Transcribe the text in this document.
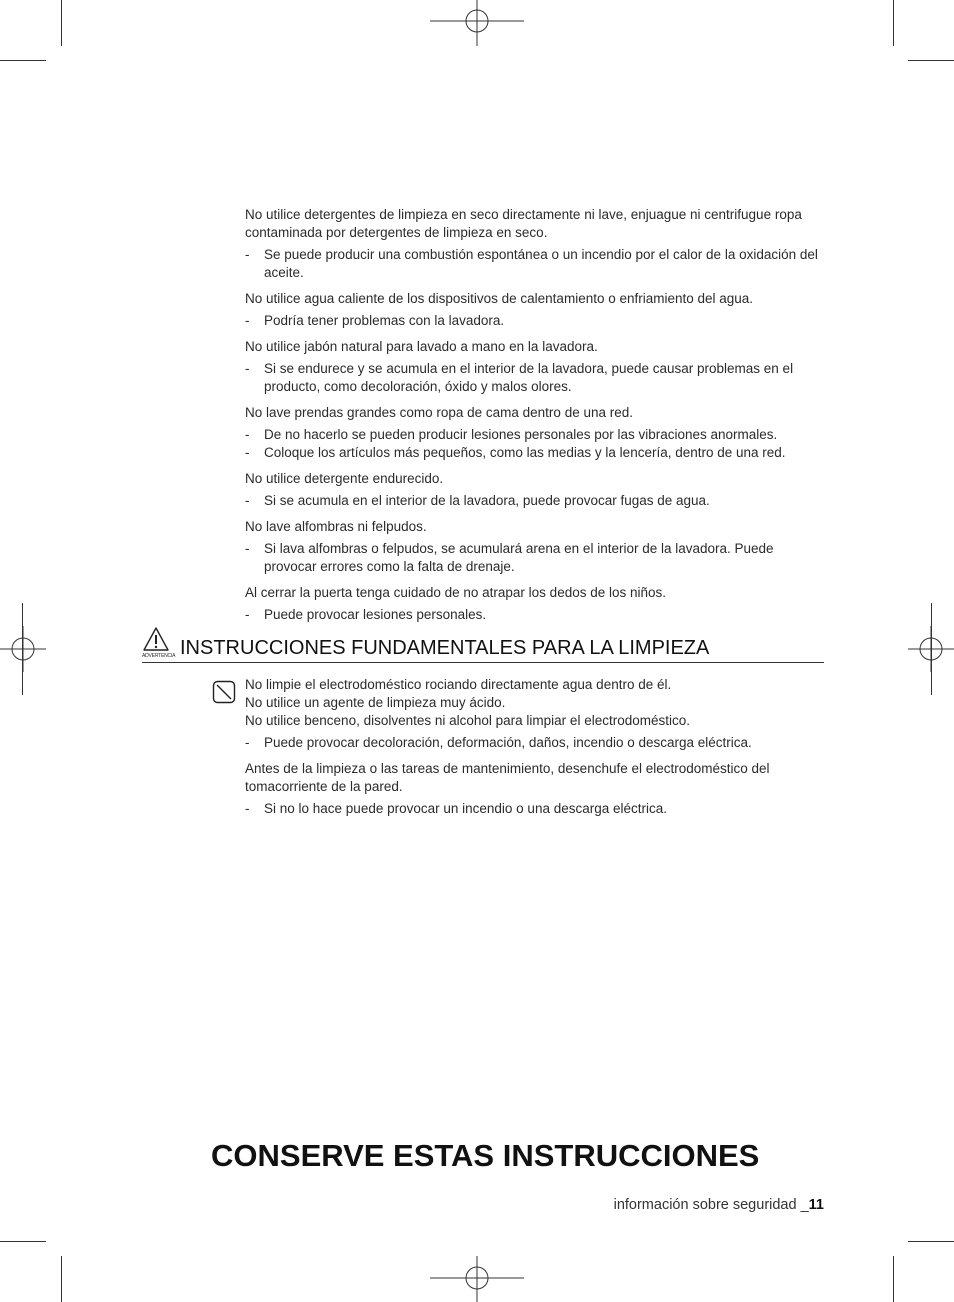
No utilice detergentes de limpieza en seco directamente ni lave, enjuague ni centrifugue ropa contaminada por detergentes de limpieza en seco.

- Se puede producir una combustión espontánea o un incendio por el calor de la oxidación del aceite.

No utilice agua caliente de los dispositivos de calentamiento o enfriamiento del agua.

- Podría tener problemas con la lavadora.

No utilice jabón natural para lavado a mano en la lavadora.

- Si se endurece y se acumula en el interior de la lavadora, puede causar problemas en el producto, como decoloración, óxido y malos olores.

No lave prendas grandes como ropa de cama dentro de una red.

- De no hacerlo se pueden producir lesiones personales por las vibraciones anormales.
- Coloque los artículos más pequeños, como las medias y la lencería, dentro de una red.

No utilice detergente endurecido.

- Si se acumula en el interior de la lavadora, puede provocar fugas de agua.

No lave alfombras ni felpudos.

- Si lava alfombras o felpudos, se acumulará arena en el interior de la lavadora. Puede provocar errores como la falta de drenaje.

Al cerrar la puerta tenga cuidado de no atrapar los dedos de los niños.

- Puede provocar lesiones personales.
ADVERTENCIA INSTRUCCIONES FUNDAMENTALES PARA LA LIMPIEZA

No limpie el electrodoméstico rociando directamente agua dentro de él.

No utilice un agente de limpieza muy ácido.

No utilice benceno, disolventes ni alcohol para limpiar el electrodoméstico.

- Puede provocar decoloración, deformación, daños, incendio o descarga eléctrica.

Antes de la limpieza o las tareas de mantenimiento, desenchufe el electrodoméstico del tomacorriente de la pared.

- Si no lo hace puede provocar un incendio o una descarga eléctrica.
CONSERVE ESTAS INSTRUCCIONES
información sobre seguridad _11
